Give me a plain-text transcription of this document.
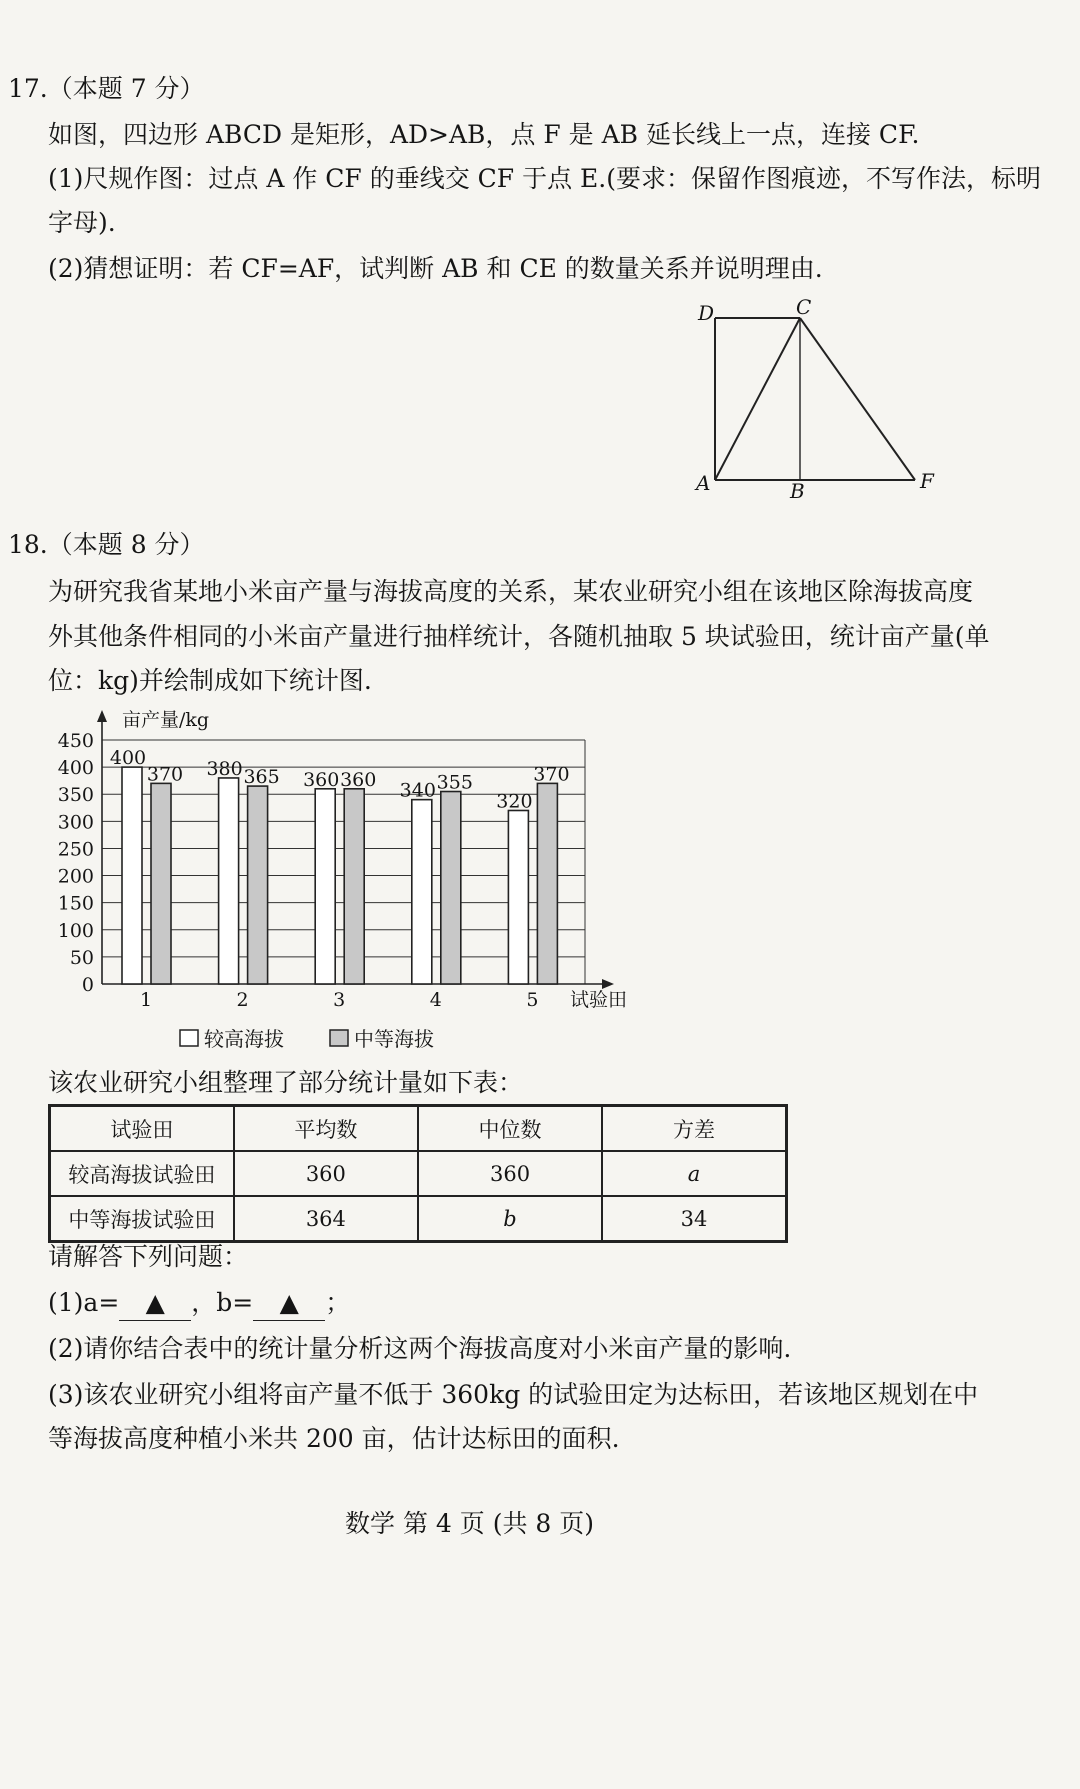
17.（本题 7 分）
如图，四边形 ABCD 是矩形，AD>AB，点 F 是 AB 延长线上一点，连接 CF.
(1)尺规作图：过点 A 作 CF 的垂线交 CF 于点 E.(要求：保留作图痕迹，不写作法，标明
字母).
(2)猜想证明：若 CF=AF，试判断 AB 和 CE 的数量关系并说明理由.
D	C
A	B	F
18.（本题 8 分）
为研究我省某地小米亩产量与海拔高度的关系，某农业研究小组在该地区除海拔高度
外其他条件相同的小米亩产量进行抽样统计，各随机抽取 5 块试验田，统计亩产量(单
位：kg)并绘制成如下统计图.
0
50
100
150
200
250
300
350
400
450
400
370
1
380 365
2
360 360
3
340 355
4
320
370
5
亩产量/kg
试验田
较高海拔	中等海拔
该农业研究小组整理了部分统计量如下表：
试验田	平均数	中位数	方差
较高海拔试验田	360	360	a
中等海拔试验田	364	b	34
请解答下列问题：
(1)a= ▲ ，b= ▲ ；
(2)请你结合表中的统计量分析这两个海拔高度对小米亩产量的影响.
(3)该农业研究小组将亩产量不低于 360kg 的试验田定为达标田，若该地区规划在中
等海拔高度种植小米共 200 亩，估计达标田的面积.
数学 第 4 页 (共 8 页)
